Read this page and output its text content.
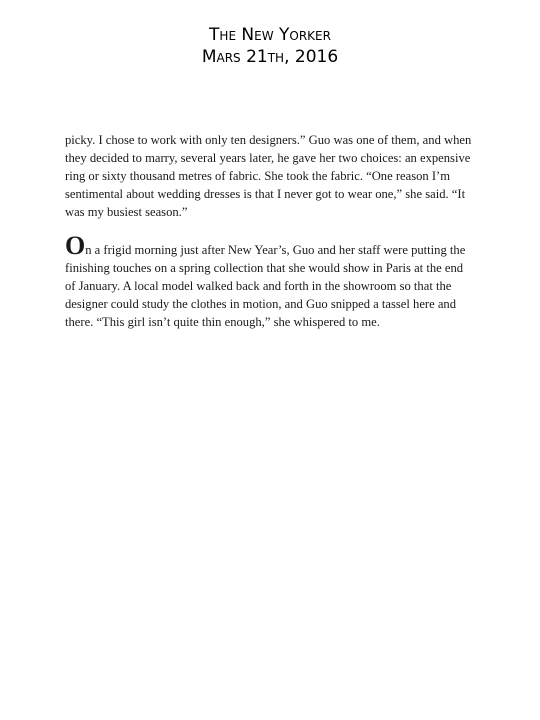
The New Yorker
Mars 21th, 2016

picky. I chose to work with only ten designers.” Guo was one of them, and when they decided to marry, several years later, he gave her two choices: an expensive ring or sixty thousand metres of fabric. She took the fabric. “One reason I’m sentimental about wedding dresses is that I never got to wear one,” she said. “It was my busiest season.”

On a frigid morning just after New Year’s, Guo and her staff were putting the finishing touches on a spring collection that she would show in Paris at the end of January. A local model walked back and forth in the showroom so that the designer could study the clothes in motion, and Guo snipped a tassel here and there. “This girl isn’t quite thin enough,” she whispered to me.
